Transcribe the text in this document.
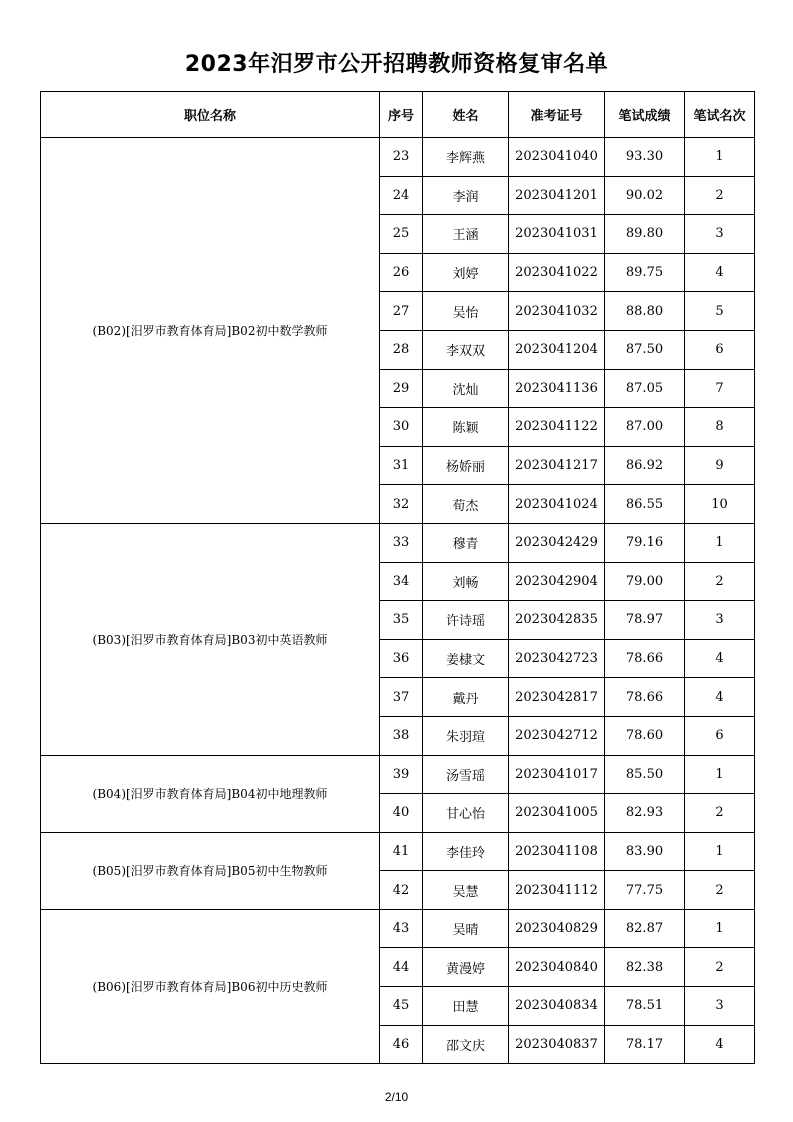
2023年汨罗市公开招聘教师资格复审名单
职位名称	序号	姓名	准考证号	笔试成绩	笔试名次
(B02)[汨罗市教育体育局]B02初中数学教师	23	李辉燕	2023041040	93.30	1
	24	李润	2023041201	90.02	2
	25	王涵	2023041031	89.80	3
	26	刘婷	2023041022	89.75	4
	27	吴怡	2023041032	88.80	5
	28	李双双	2023041204	87.50	6
	29	沈灿	2023041136	87.05	7
	30	陈颖	2023041122	87.00	8
	31	杨娇丽	2023041217	86.92	9
	32	荀杰	2023041024	86.55	10
(B03)[汨罗市教育体育局]B03初中英语教师	33	穆青	2023042429	79.16	1
	34	刘畅	2023042904	79.00	2
	35	许诗瑶	2023042835	78.97	3
	36	姜棣文	2023042723	78.66	4
	37	戴丹	2023042817	78.66	4
	38	朱羽瑄	2023042712	78.60	6
(B04)[汨罗市教育体育局]B04初中地理教师	39	汤雪瑶	2023041017	85.50	1
	40	甘心怡	2023041005	82.93	2
(B05)[汨罗市教育体育局]B05初中生物教师	41	李佳玲	2023041108	83.90	1
	42	吴慧	2023041112	77.75	2
(B06)[汨罗市教育体育局]B06初中历史教师	43	吴晴	2023040829	82.87	1
	44	黄漫婷	2023040840	82.38	2
	45	田慧	2023040834	78.51	3
	46	邵文庆	2023040837	78.17	4
2/10
